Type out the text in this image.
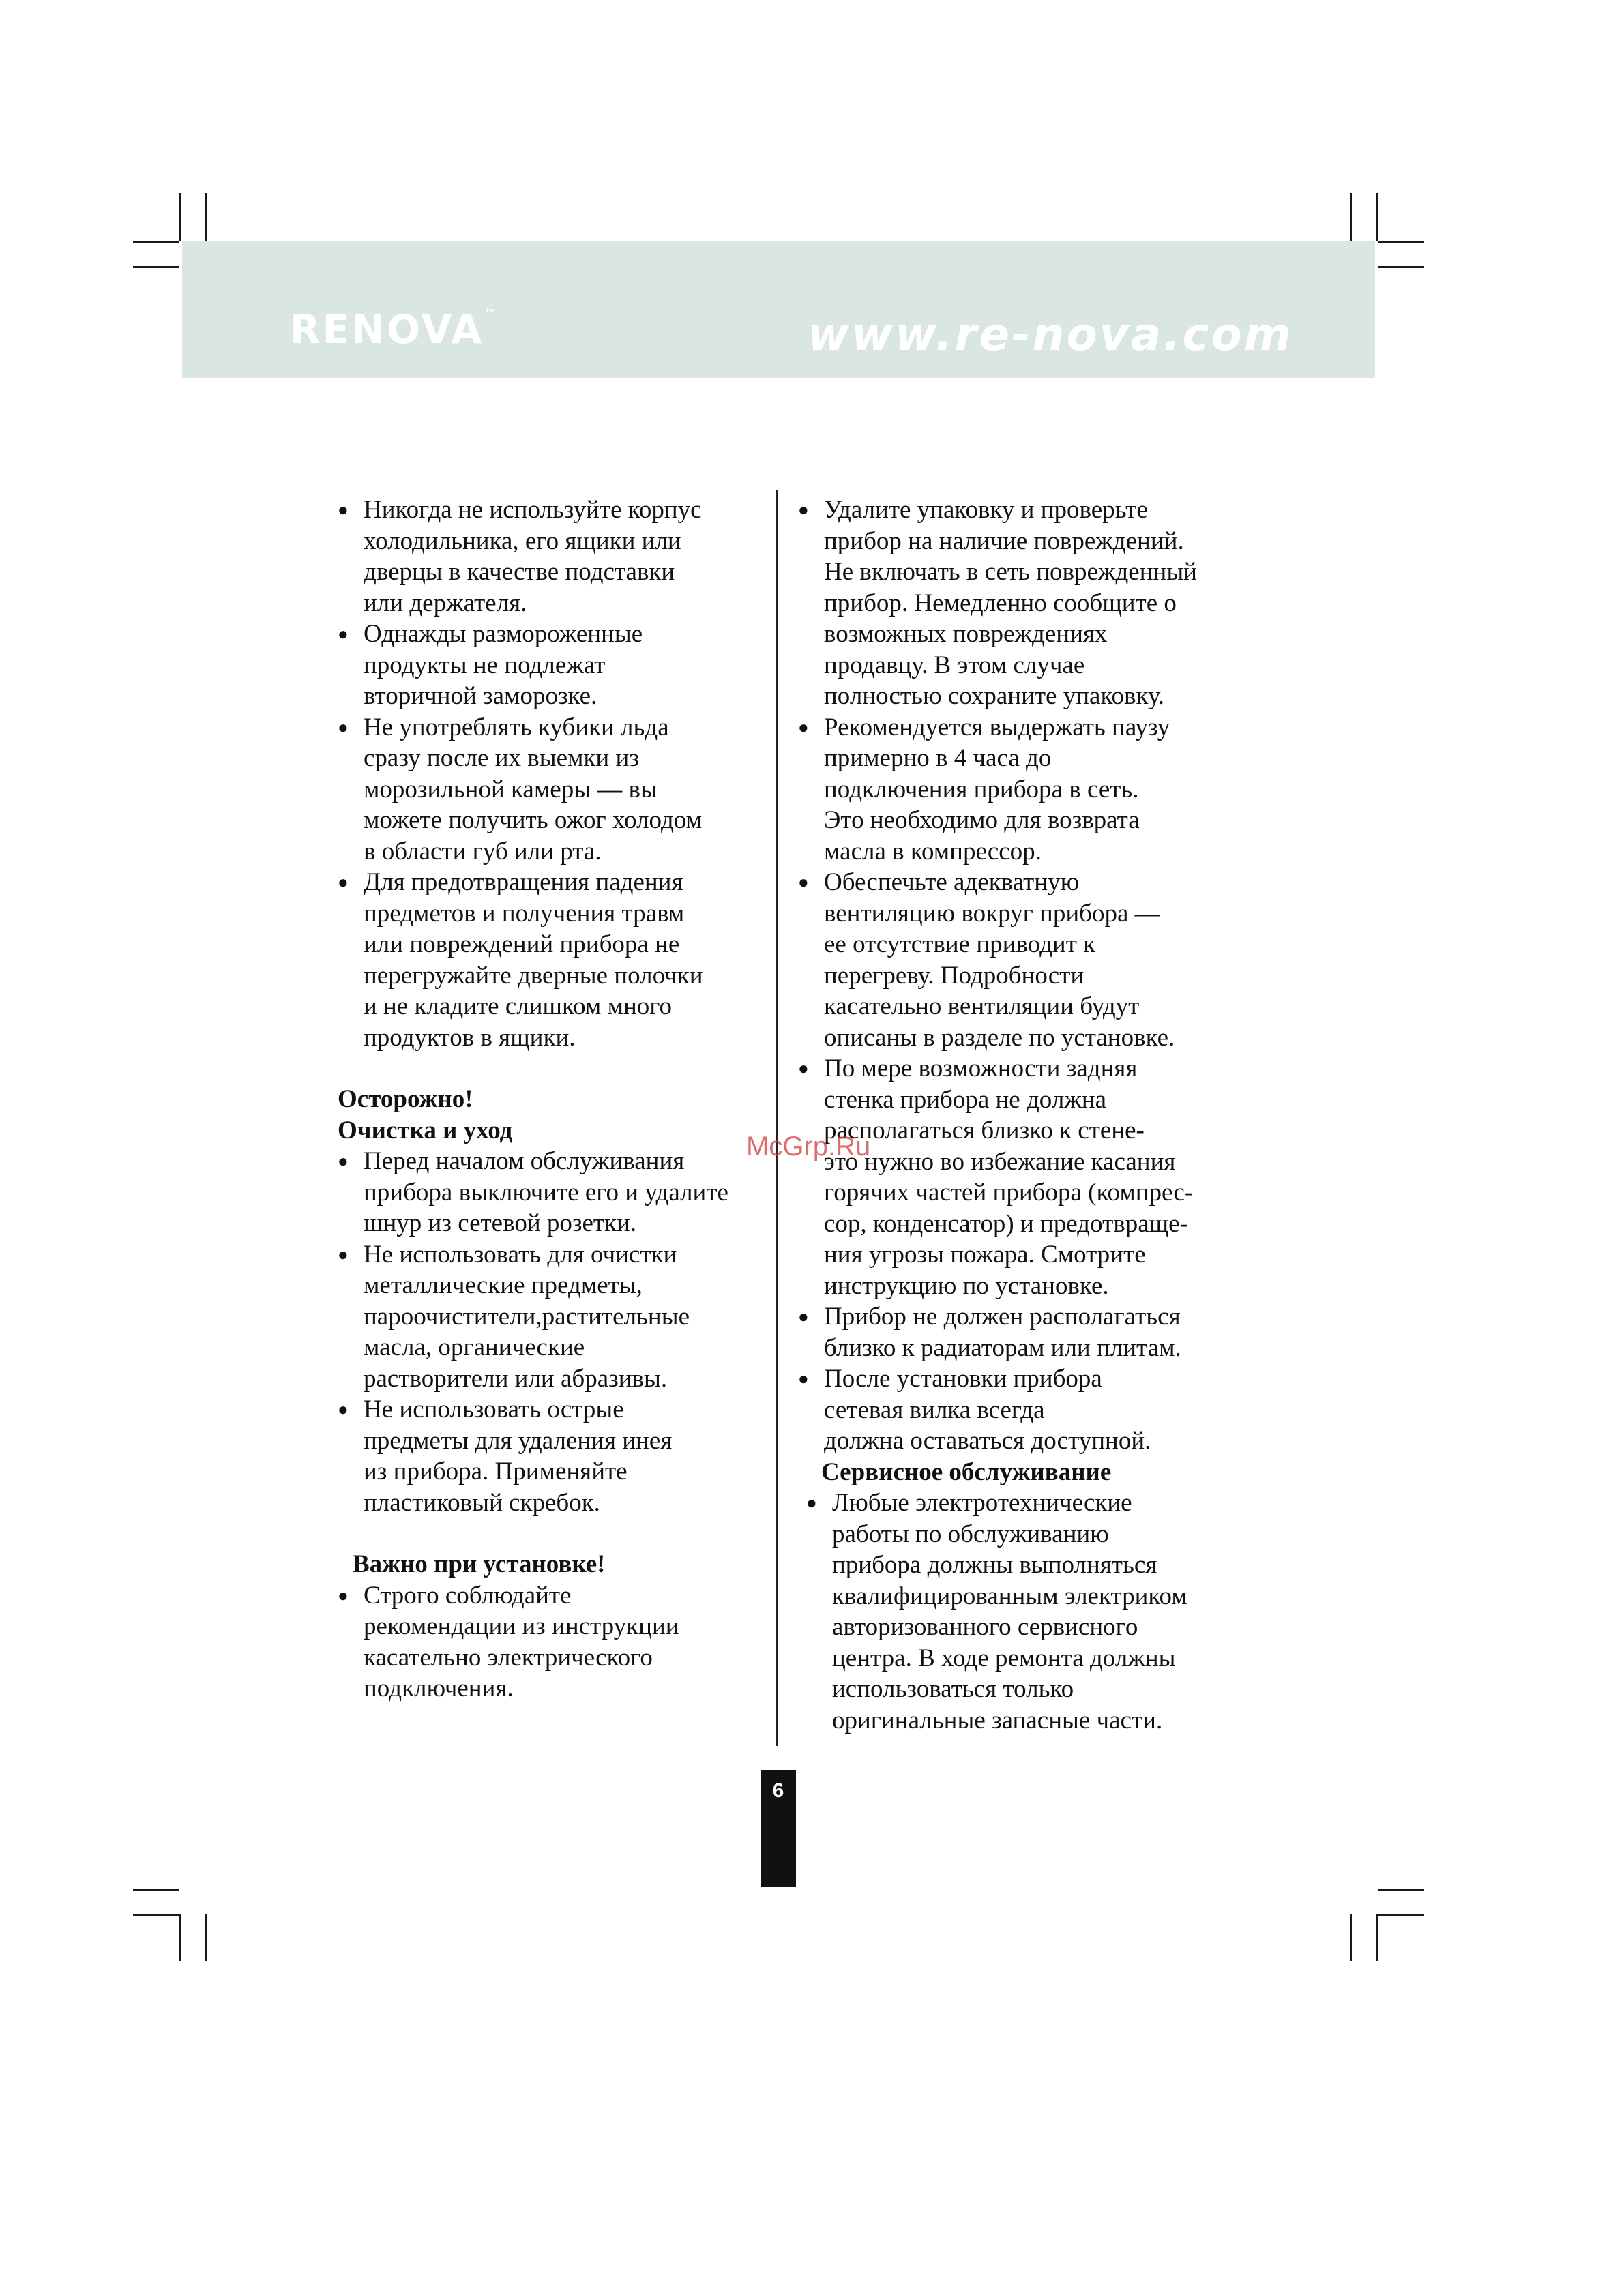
RENOVA™	www.re-nova.com
● Никогда не используйте корпус
холодильника, его ящики или
дверцы в качестве подставки
или держателя.
● Однажды размороженные
продукты не подлежат
вторичной заморозке.
● Не употреблять кубики льда
сразу после их выемки из
морозильной камеры — вы
можете получить ожог холодом
в области губ или рта.
● Для предотвращения падения
предметов и получения травм
или повреждений прибора не
перегружайте дверные полочки
и не кладите слишком много
продуктов в ящики.
Осторожно!
Очистка и уход
● Перед началом обслуживания
прибора выключите его и удалите
шнур из сетевой розетки.
● Не использовать для очистки
металлические предметы,
пароочистители,растительные
масла, органические
растворители или абразивы.
● Не использовать острые
предметы для удаления инея
из прибора. Применяйте
пластиковый скребок.
Важно при установке!
● Строго соблюдайте
рекомендации из инструкции
касательно электрического
подключения.
● Удалите упаковку и проверьте
прибор на наличие повреждений.
Не включать в сеть поврежденный
прибор. Немедленно сообщите о
возможных повреждениях
продавцу. В этом случае
полностью сохраните упаковку.
● Рекомендуется выдержать паузу
примерно в 4 часа до
подключения прибора в сеть.
Это необходимо для возврата
масла в компрессор.
● Обеспечьте адекватную
вентиляцию вокруг прибора —
ее отсутствие приводит к
перегреву. Подробности
касательно вентиляции будут
описаны в разделе по установке.
● По мере возможности задняя
стенка прибора не должна
располагаться близко к стене-
это нужно во избежание касания
горячих частей прибора (компрес-
сор, конденсатор) и предотвраще-
ния угрозы пожара. Смотрите
инструкцию по установке.
● Прибор не должен располагаться
близко к радиаторам или плитам.
● После установки прибора
сетевая вилка всегда
должна оставаться доступной.
Сервисное обслуживание
● Любые электротехнические
работы по обслуживанию
прибора должны выполняться
квалифицированным электриком
авторизованного сервисного
центра. В ходе ремонта должны
использоваться только
оригинальные запасные части.
McGrp.Ru
6
